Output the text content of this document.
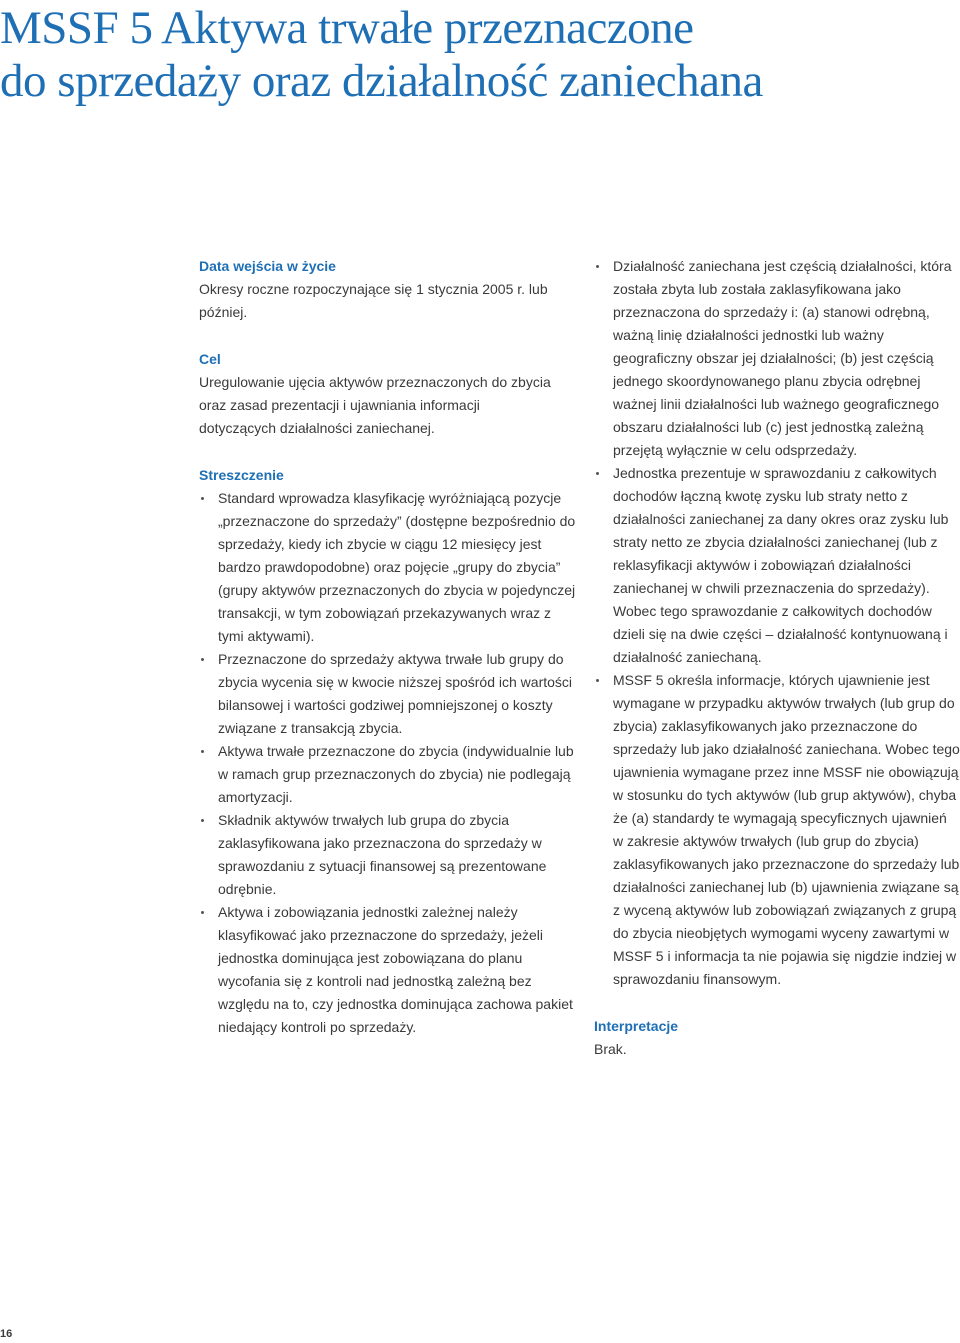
MSSF 5 Aktywa trwałe przeznaczone
do sprzedaży oraz działalność zaniechana

Data wejścia w życie

Okresy roczne rozpoczynające się 1 stycznia 2005 r. lub później.

Cel

Uregulowanie ujęcia aktywów przeznaczonych do zbycia oraz zasad prezentacji i ujawniania informacji dotyczących działalności zaniechanej.

Streszczenie

Standard wprowadza klasyfikację wyróżniającą pozycje „przeznaczone do sprzedaży” (dostępne bezpośrednio do sprzedaży, kiedy ich zbycie w ciągu 12 miesięcy jest bardzo prawdopodobne) oraz pojęcie „grupy do zbycia” (grupy aktywów przeznaczonych do zbycia w pojedynczej transakcji, w tym zobowiązań przekazywanych wraz z tymi aktywami).
Przeznaczone do sprzedaży aktywa trwałe lub grupy do zbycia wycenia się w kwocie niższej spośród ich wartości bilansowej i wartości godziwej pomniejszonej o koszty związane z transakcją zbycia.
Aktywa trwałe przeznaczone do zbycia (indywidualnie lub w ramach grup przeznaczonych do zbycia) nie podlegają amortyzacji.
Składnik aktywów trwałych lub grupa do zbycia zaklasyfikowana jako przeznaczona do sprzedaży w sprawozdaniu z sytuacji finansowej są prezentowane odrębnie.
Aktywa i zobowiązania jednostki zależnej należy klasyfikować jako przeznaczone do sprzedaży, jeżeli jednostka dominująca jest zobowiązana do planu wycofania się z kontroli nad jednostką zależną bez względu na to, czy jednostka dominująca zachowa pakiet niedający kontroli po sprzedaży.
Działalność zaniechana jest częścią działalności, która została zbyta lub została zaklasyfikowana jako przeznaczona do sprzedaży i: (a) stanowi odrębną, ważną linię działalności jednostki lub ważny geograficzny obszar jej działalności; (b) jest częścią jednego skoordynowanego planu zbycia odrębnej ważnej linii działalności lub ważnego geograficznego obszaru działalności lub (c) jest jednostką zależną przejętą wyłącznie w celu odsprzedaży.
Jednostka prezentuje w sprawozdaniu z całkowitych dochodów łączną kwotę zysku lub straty netto z działalności zaniechanej za dany okres oraz zysku lub straty netto ze zbycia działalności zaniechanej (lub z reklasyfikacji aktywów i zobowiązań działalności zaniechanej w chwili przeznaczenia do sprzedaży). Wobec tego sprawozdanie z całkowitych dochodów dzieli się na dwie części – działalność kontynuowaną i działalność zaniechaną.
MSSF 5 określa informacje, których ujawnienie jest wymagane w przypadku aktywów trwałych (lub grup do zbycia) zaklasyfikowanych jako przeznaczone do sprzedaży lub jako działalność zaniechana. Wobec tego ujawnienia wymagane przez inne MSSF nie obowiązują w stosunku do tych aktywów (lub grup aktywów), chyba że (a) standardy te wymagają specyficznych ujawnień w zakresie aktywów trwałych (lub grup do zbycia) zaklasyfikowanych jako przeznaczone do sprzedaży lub działalności zaniechanej lub (b) ujawnienia związane są z wyceną aktywów lub zobowiązań związanych z grupą do zbycia nieobjętych wymogami wyceny zawartymi w MSSF 5 i informacja ta nie pojawia się nigdzie indziej w sprawozdaniu finansowym.

Interpretacje

Brak.

16
